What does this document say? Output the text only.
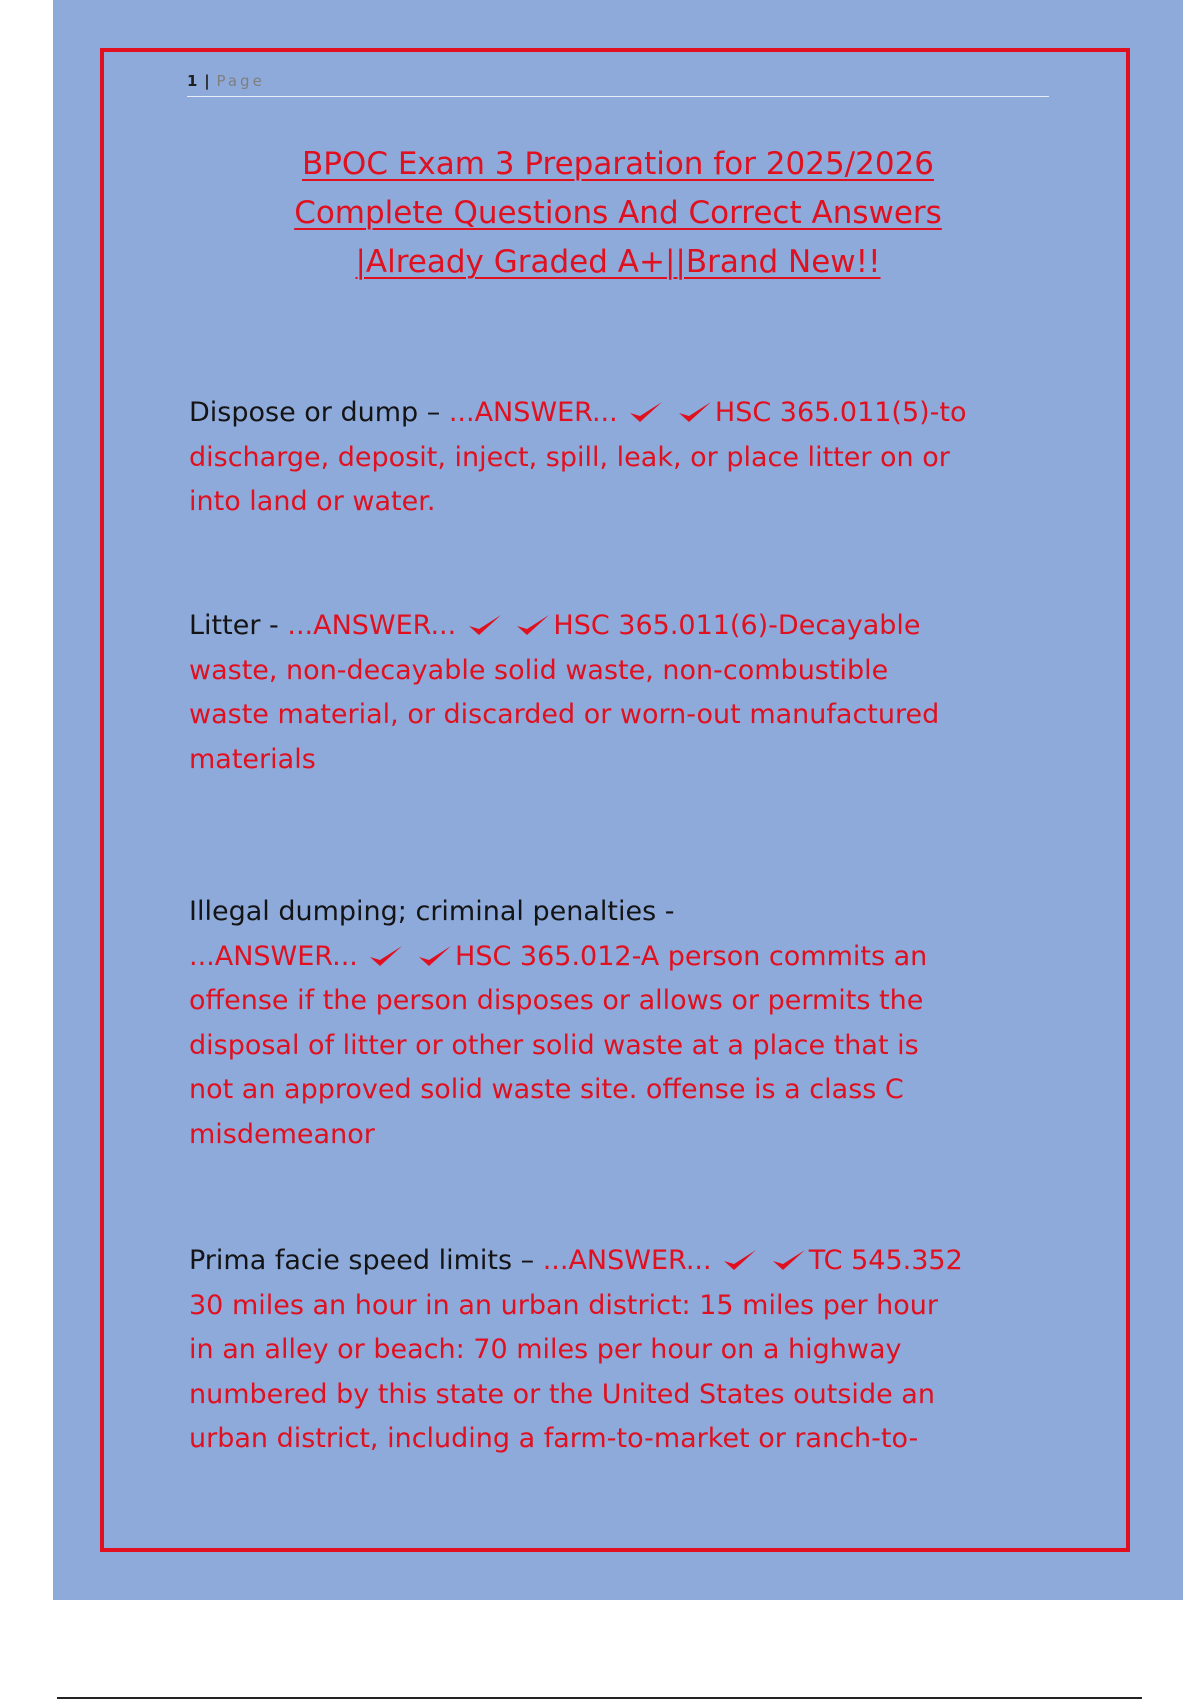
1 | Page
BPOC Exam 3 Preparation for 2025/2026
Complete Questions And Correct Answers
|Already Graded A+||Brand New!!
Dispose or dump – ...ANSWER...	HSC 365.011(5)-to
discharge, deposit, inject, spill, leak, or place litter on or
into land or water.
Litter - ...ANSWER...	HSC 365.011(6)-Decayable
waste, non-decayable solid waste, non-combustible
waste material, or discarded or worn-out manufactured
materials
Illegal dumping; criminal penalties -
...ANSWER...	HSC 365.012-A person commits an
offense if the person disposes or allows or permits the
disposal of litter or other solid waste at a place that is
not an approved solid waste site. offense is a class C
misdemeanor
Prima facie speed limits – ...ANSWER...	TC 545.352
30 miles an hour in an urban district: 15 miles per hour
in an alley or beach: 70 miles per hour on a highway
numbered by this state or the United States outside an
urban district, including a farm-to-market or ranch-to-
